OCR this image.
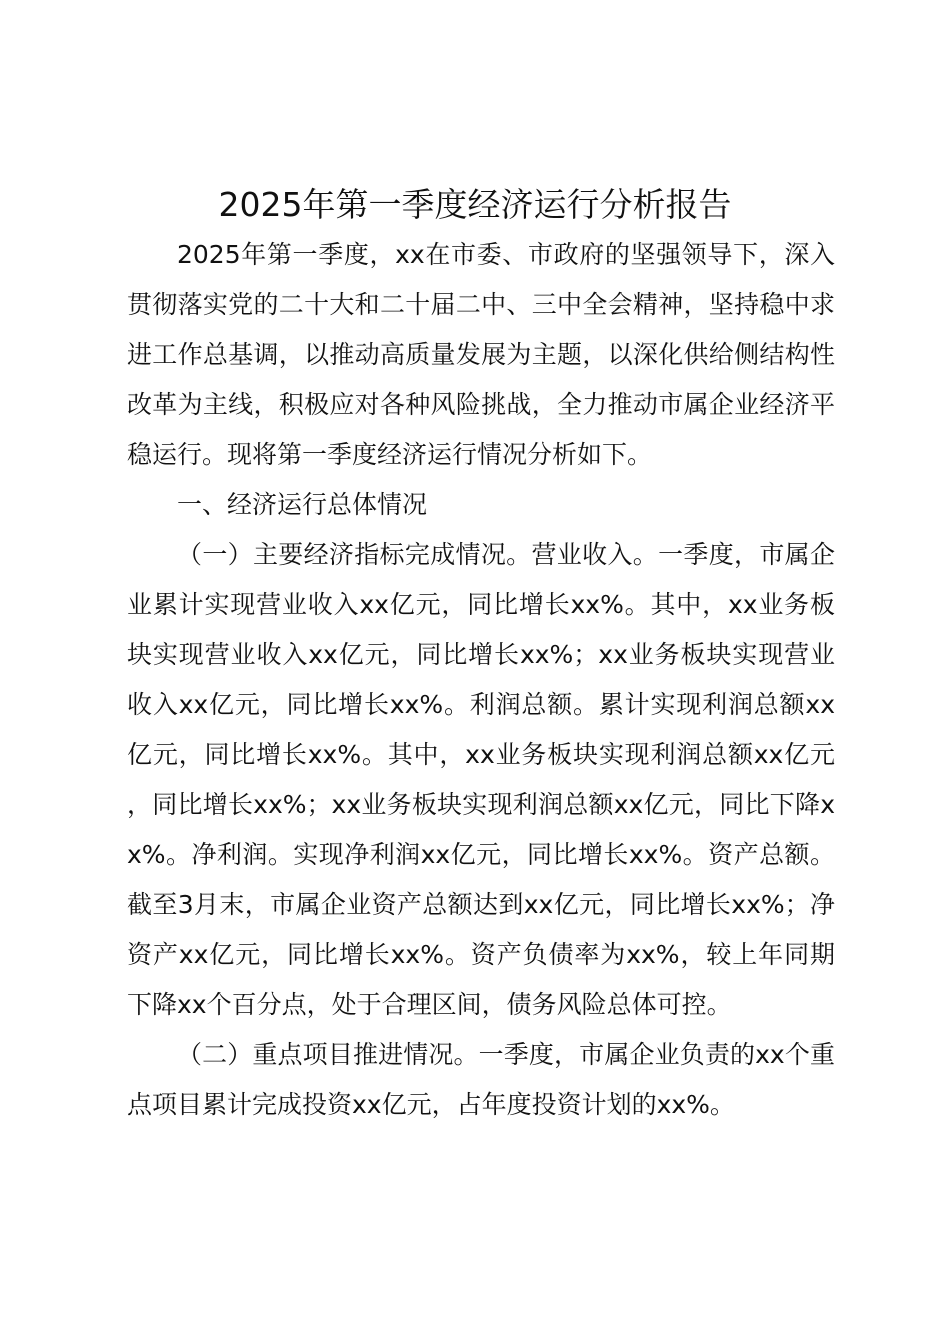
2025年第一季度经济运行分析报告

2025年第一季度，xx在市委、市政府的坚强领导下，深入贯彻落实党的二十大和二十届二中、三中全会精神，坚持稳中求进工作总基调，以推动高质量发展为主题，以深化供给侧结构性改革为主线，积极应对各种风险挑战，全力推动市属企业经济平稳运行。现将第一季度经济运行情况分析如下。

一、经济运行总体情况

（一）主要经济指标完成情况。营业收入。一季度，市属企业累计实现营业收入xx亿元，同比增长xx%。其中，xx业务板块实现营业收入xx亿元，同比增长xx%；xx业务板块实现营业收入xx亿元，同比增长xx%。利润总额。累计实现利润总额xx亿元，同比增长xx%。其中，xx业务板块实现利润总额xx亿元，同比增长xx%；xx业务板块实现利润总额xx亿元，同比下降xx%。净利润。实现净利润xx亿元，同比增长xx%。资产总额。截至3月末，市属企业资产总额达到xx亿元，同比增长xx%；净资产xx亿元，同比增长xx%。资产负债率为xx%，较上年同期下降xx个百分点，处于合理区间，债务风险总体可控。

（二）重点项目推进情况。一季度，市属企业负责的xx个重点项目累计完成投资xx亿元，占年度投资计划的xx%。
